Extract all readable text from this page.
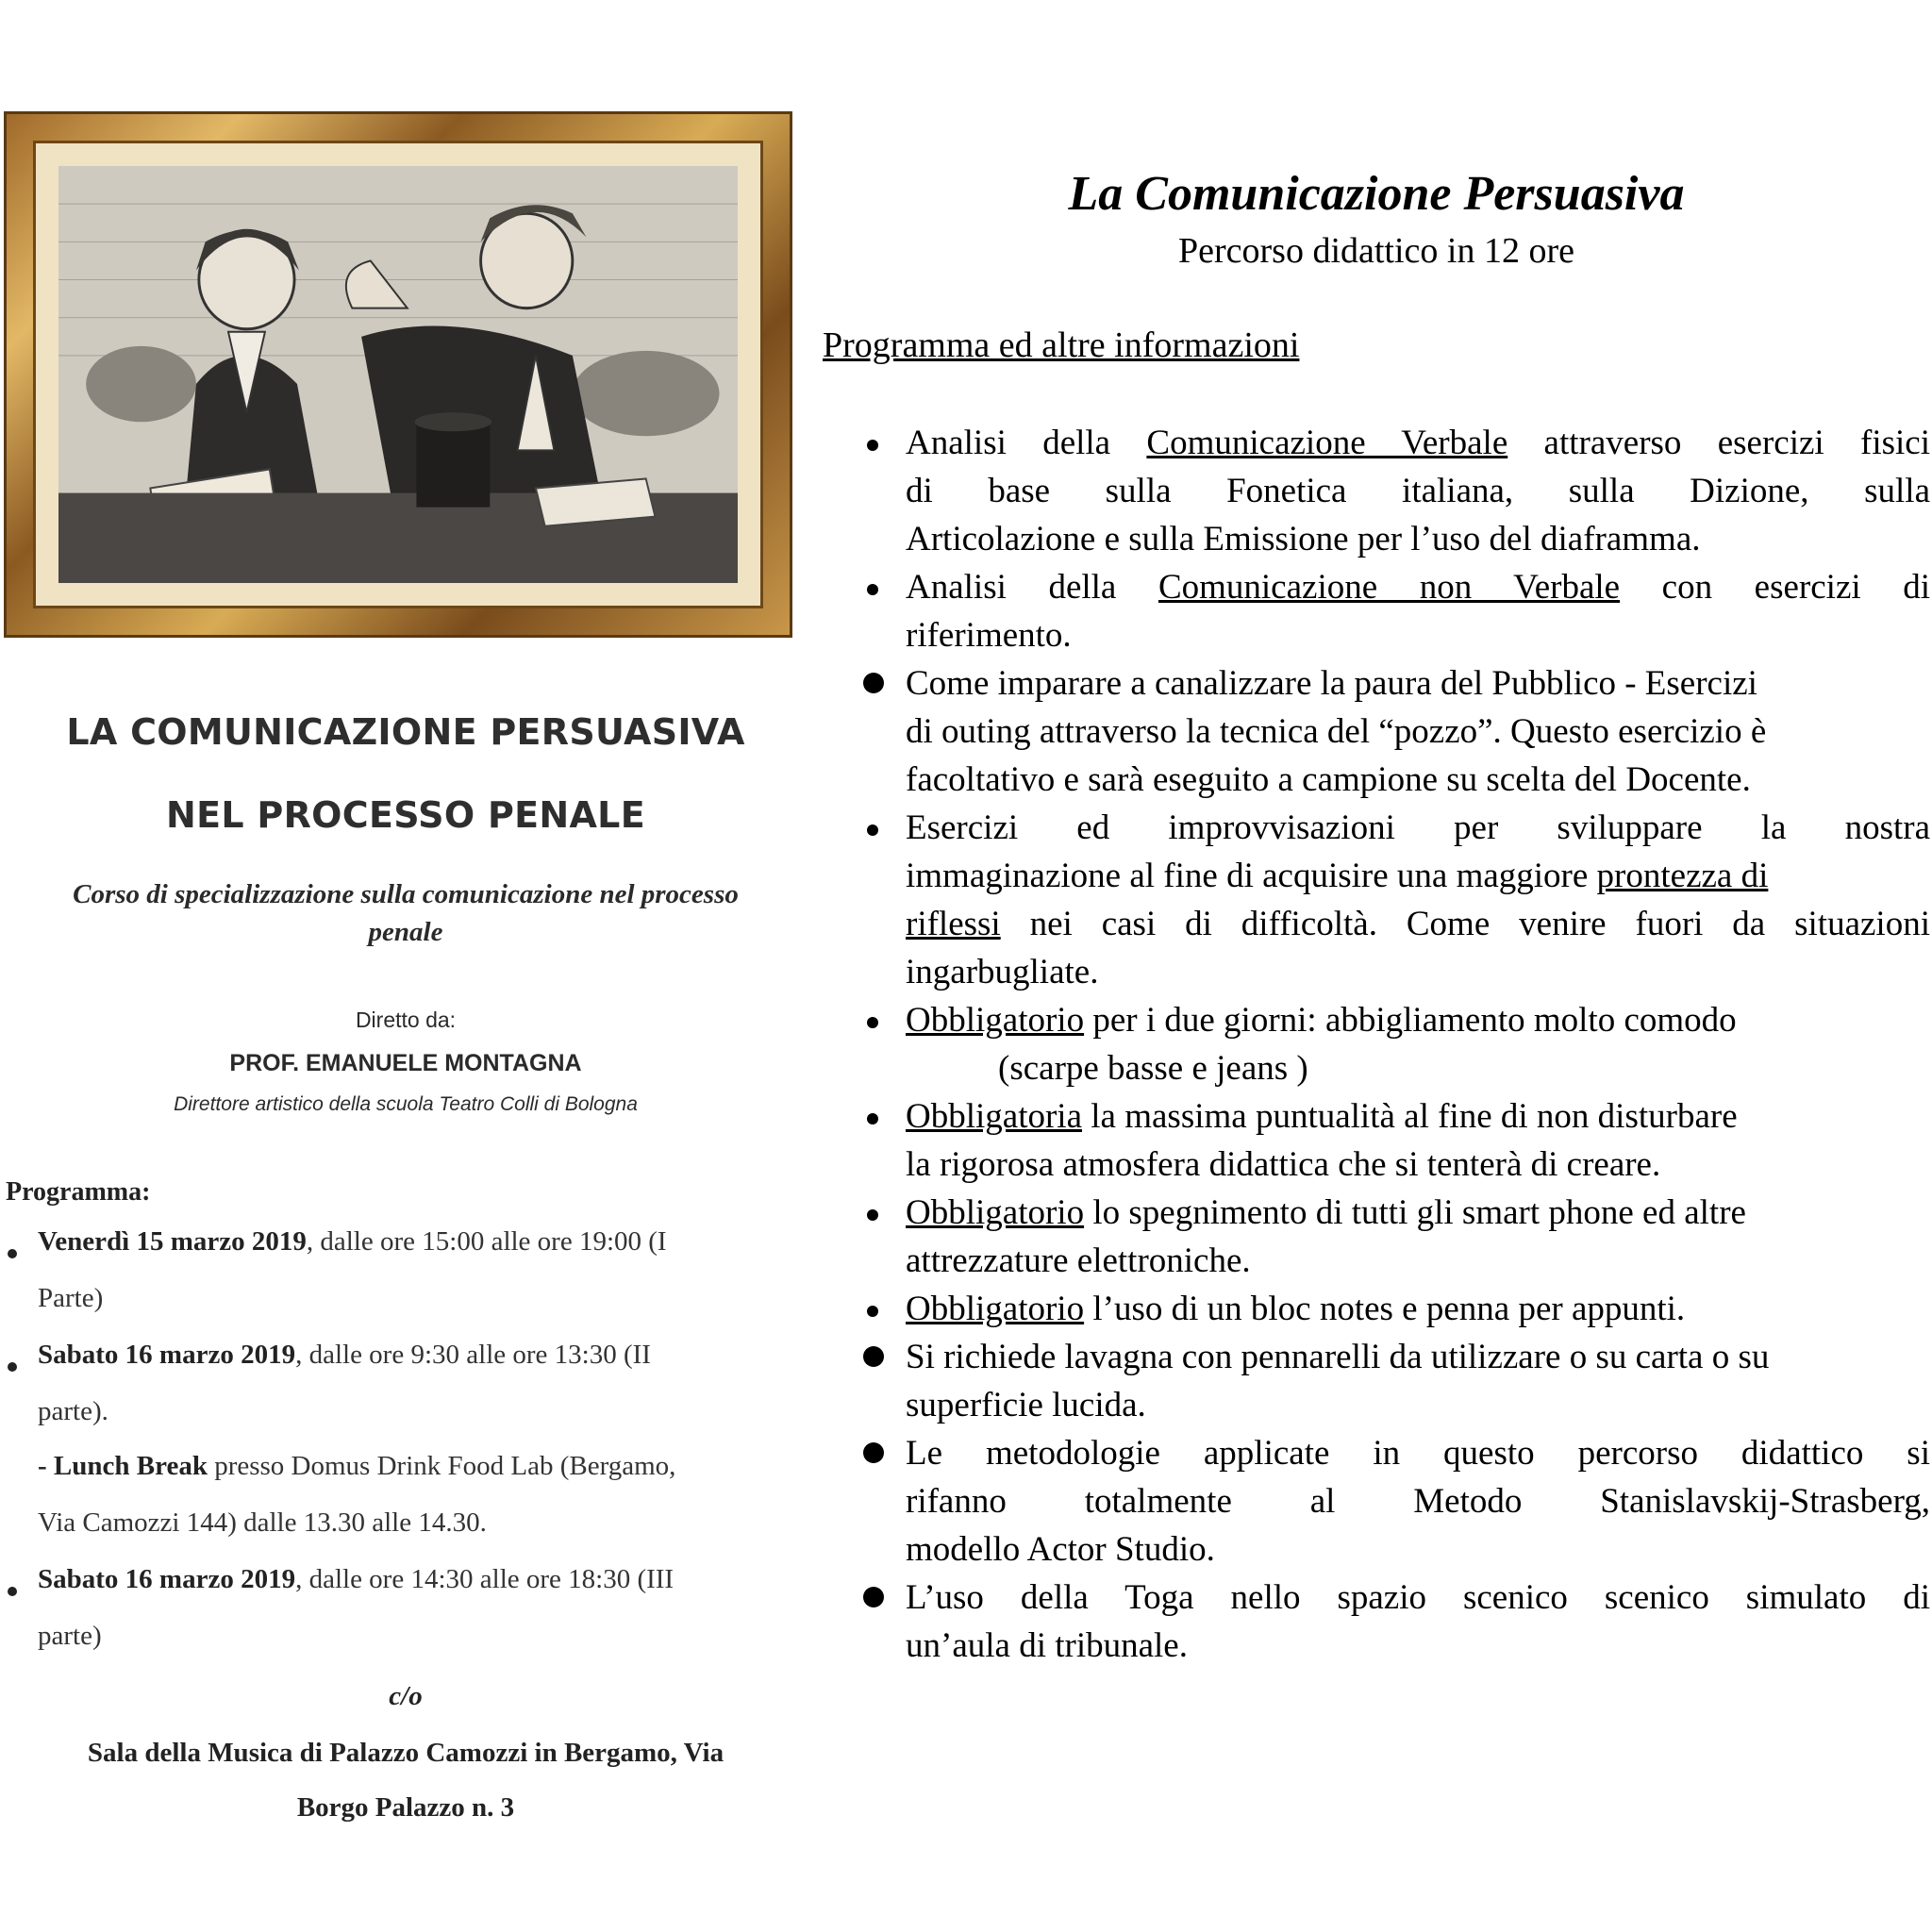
LA COMUNICAZIONE PERSUASIVA
NEL PROCESSO PENALE
Corso di specializzazione sulla comunicazione nel processo
penale
Diretto da:
PROF. EMANUELE MONTAGNA
Direttore artistico della scuola Teatro Colli di Bologna
Programma:
Venerdì 15 marzo 2019, dalle ore 15:00 alle ore 19:00 (I
Parte)
Sabato 16 marzo 2019, dalle ore 9:30 alle ore 13:30 (II
parte).
- Lunch Break presso Domus Drink Food Lab (Bergamo,
Via Camozzi 144) dalle 13.30 alle 14.30.
Sabato 16 marzo 2019, dalle ore 14:30 alle ore 18:30 (III
parte)
c/o
Sala della Musica di Palazzo Camozzi in Bergamo, Via
Borgo Palazzo n. 3
La Comunicazione Persuasiva
Percorso didattico in 12 ore
Programma ed altre informazioni
Analisi della Comunicazione Verbale attraverso esercizi fisici
di base sulla Fonetica italiana, sulla Dizione, sulla
Articolazione e sulla Emissione per l’uso del diaframma.
Analisi della Comunicazione non Verbale con esercizi di
riferimento.
Come imparare a canalizzare la paura del Pubblico - Esercizi
di outing attraverso la tecnica del “pozzo”. Questo esercizio è
facoltativo e sarà eseguito a campione su scelta del Docente.
Esercizi ed improvvisazioni per sviluppare la nostra
immaginazione al fine di acquisire una maggiore prontezza di
riflessi nei casi di difficoltà. Come venire fuori da situazioni
ingarbugliate.
Obbligatorio per i due giorni: abbigliamento molto comodo
(scarpe basse e jeans )
Obbligatoria la massima puntualità al fine di non disturbare
la rigorosa atmosfera didattica che si tenterà di creare.
Obbligatorio lo spegnimento di tutti gli smart phone ed altre
attrezzature elettroniche.
Obbligatorio l’uso di un bloc notes e penna per appunti.
Si richiede lavagna con pennarelli da utilizzare o su carta o su
superficie lucida.
Le metodologie applicate in questo percorso didattico si
rifanno totalmente al Metodo Stanislavskij-Strasberg,
modello Actor Studio.
L’uso della Toga nello spazio scenico scenico simulato di
un’aula di tribunale.
